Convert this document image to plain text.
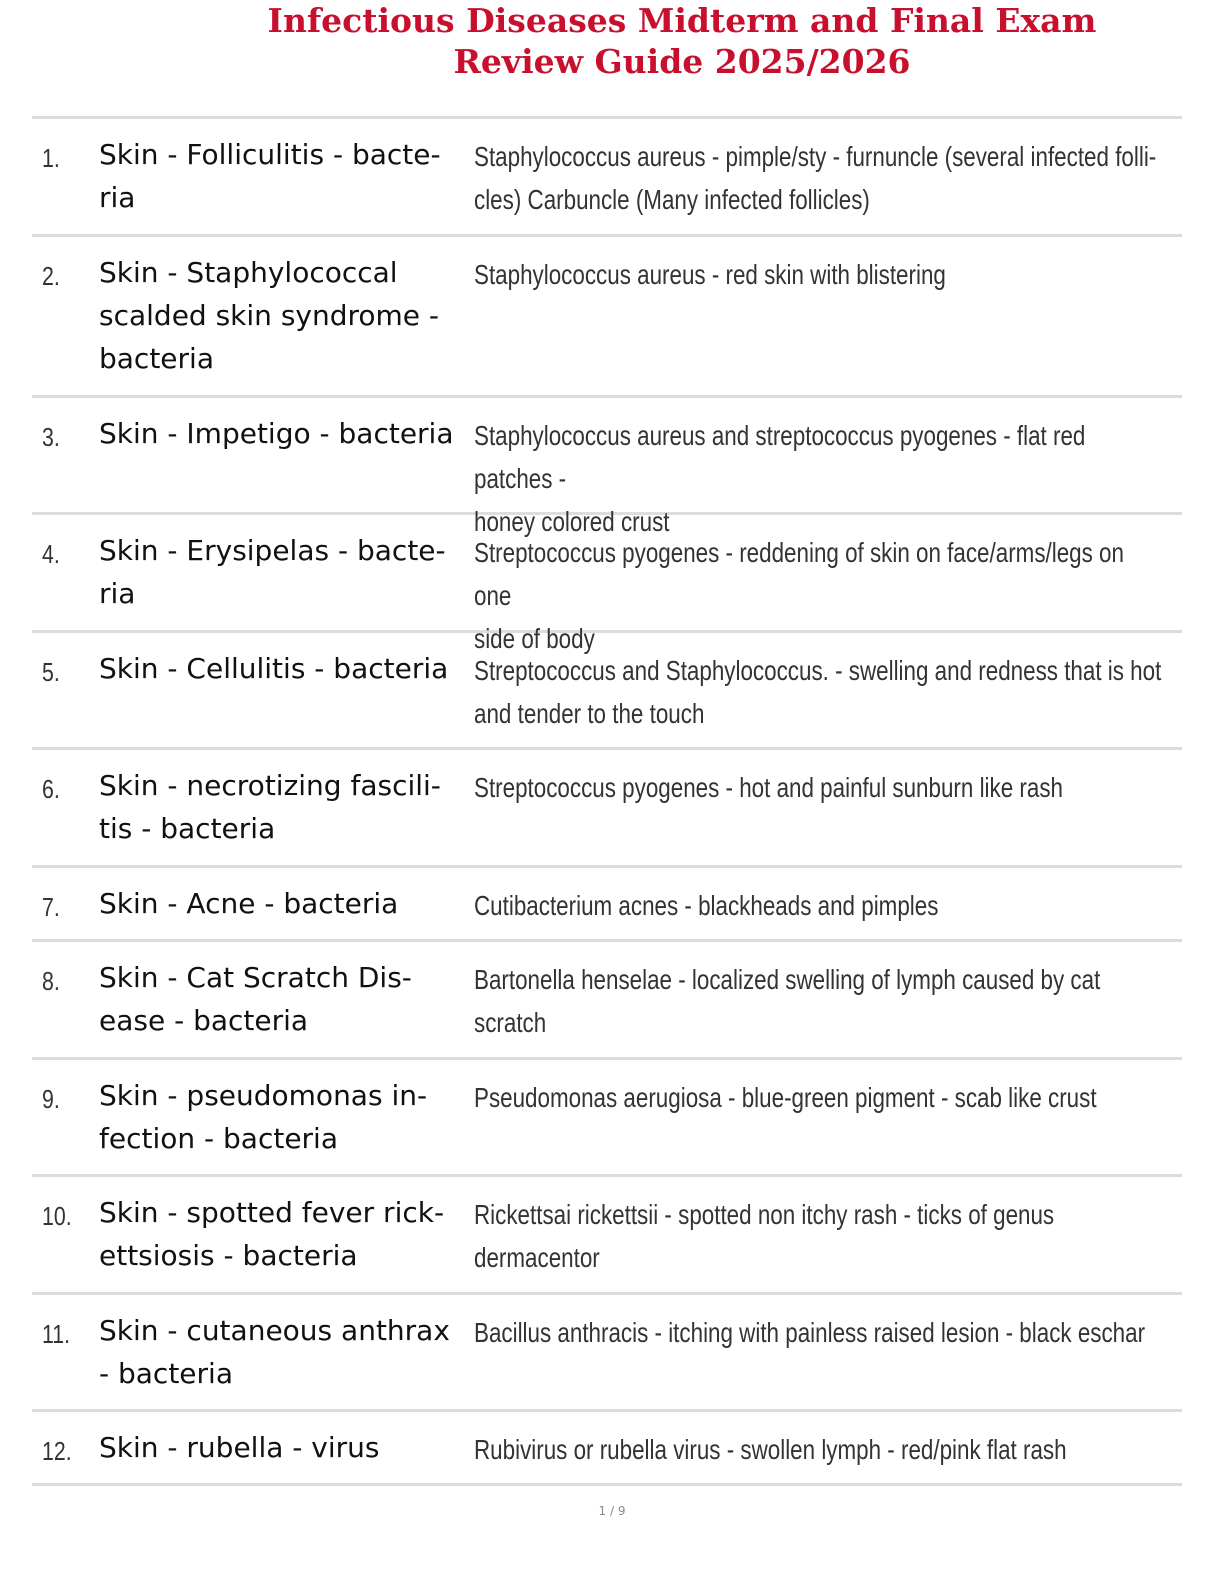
Infectious Diseases Midterm and Final Exam
Review Guide 2025/2026
1. Skin - Folliculitis - bacte-
ria
Staphylococcus aureus - pimple/sty - furnuncle (several infected folli-
cles) Carbuncle (Many infected follicles)
2. Skin - Staphylococcal
scalded skin syndrome -
bacteria
Staphylococcus aureus - red skin with blistering
3. Skin - Impetigo - bacteria Staphylococcus aureus and streptococcus pyogenes - flat red patches -
honey colored crust
4. Skin - Erysipelas - bacte-
ria
Streptococcus pyogenes - reddening of skin on face/arms/legs on one
side of body
5. Skin - Cellulitis - bacteria Streptococcus and Staphylococcus. - swelling and redness that is hot
and tender to the touch
6. Skin - necrotizing fascili-
tis - bacteria
Streptococcus pyogenes - hot and painful sunburn like rash
7. Skin - Acne - bacteria	Cutibacterium acnes - blackheads and pimples
8. Skin - Cat Scratch Dis-
ease - bacteria
Bartonella henselae - localized swelling of lymph caused by cat scratch
9. Skin - pseudomonas in-
fection - bacteria
Pseudomonas aerugiosa - blue-green pigment - scab like crust
10. Skin - spotted fever rick-
ettsiosis - bacteria
Rickettsai rickettsii - spotted non itchy rash - ticks of genus dermacentor
11. Skin - cutaneous anthrax
- bacteria
Bacillus anthracis - itching with painless raised lesion - black eschar
12. Skin - rubella - virus	Rubivirus or rubella virus - swollen lymph - red/pink flat rash
1 / 9
